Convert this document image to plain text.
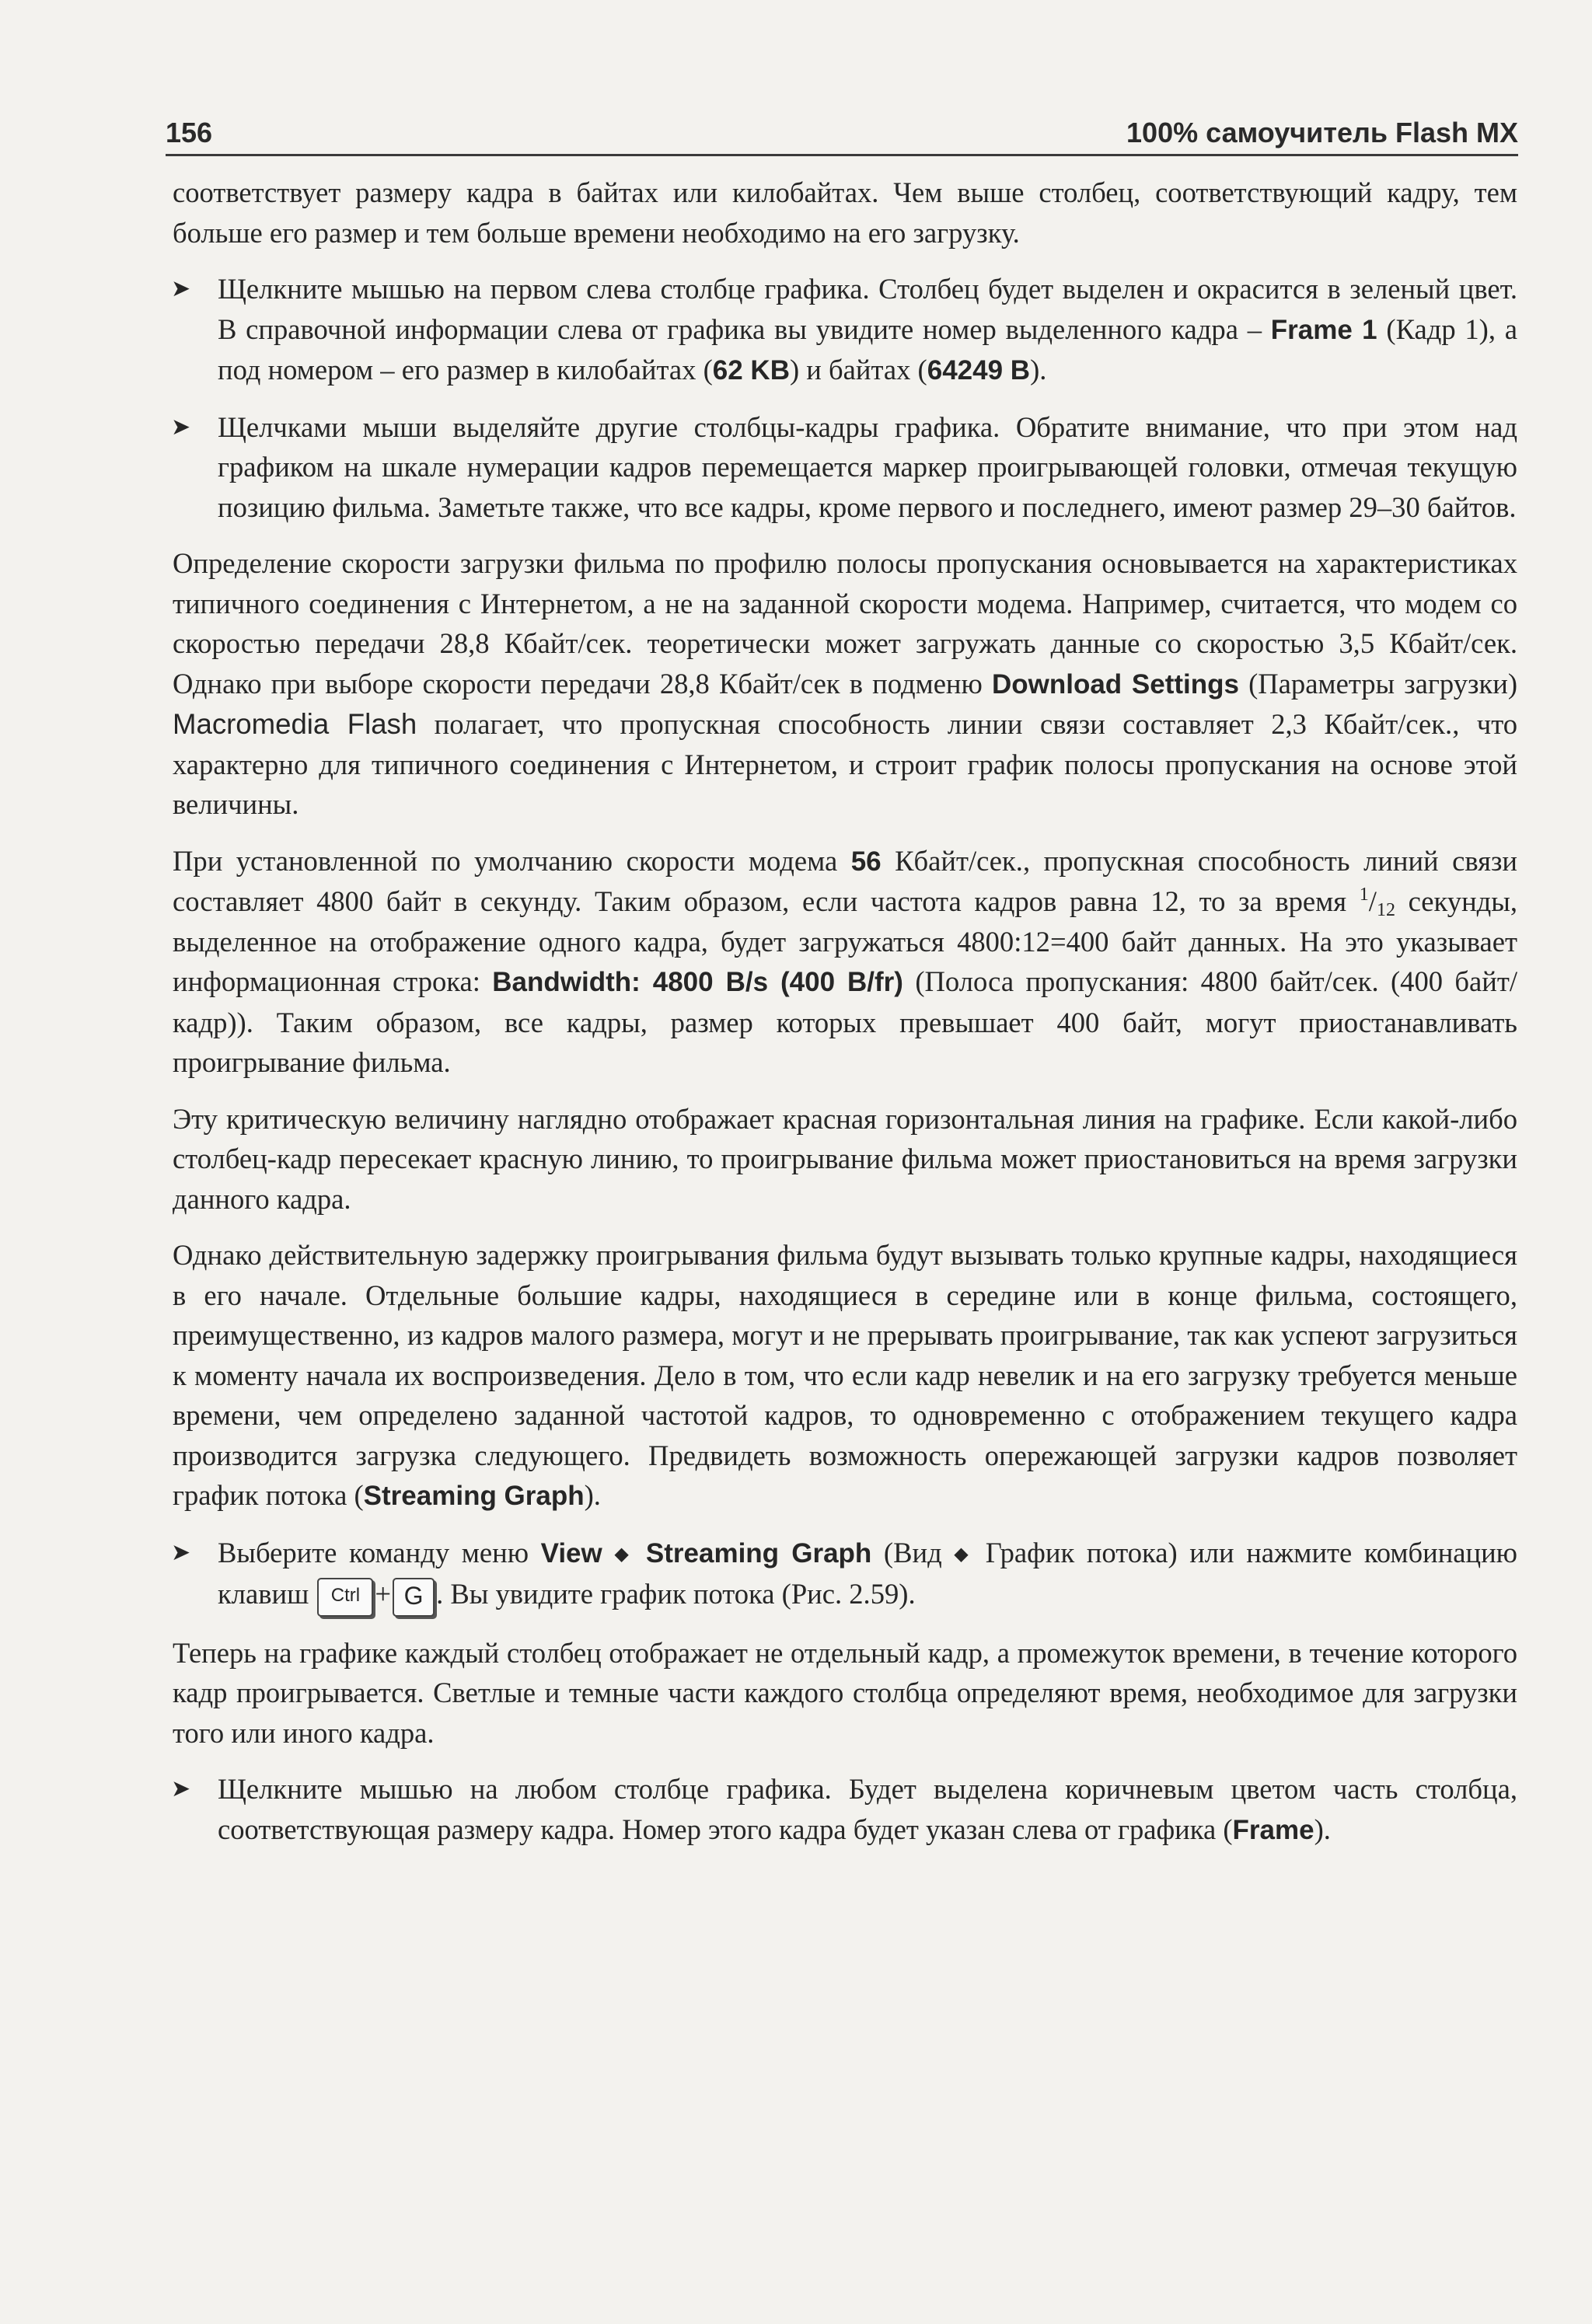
156	100% самоучитель Flash MX

соответствует размеру кадра в байтах или килобайтах. Чем выше столбец, соответствующий кадру, тем больше его размер и тем больше времени необходимо на его загрузку.

➤ Щелкните мышью на первом слева столбце графика. Столбец будет выделен и окрасится в зеленый цвет. В справочной информации слева от графика вы увидите номер выделенного кадра – Frame 1 (Кадр 1), а под номером – его размер в килобайтах (62 KB) и байтах (64249 B).
➤ Щелчками мыши выделяйте другие столбцы-кадры графика. Обратите внимание, что при этом над графиком на шкале нумерации кадров перемещается маркер проигрывающей головки, отмечая текущую позицию фильма. Заметьте также, что все кадры, кроме первого и последнего, имеют размер 29–30 байтов.

Определение скорости загрузки фильма по профилю полосы пропускания основывается на характеристиках типичного соединения с Интернетом, а не на заданной скорости модема. Например, считается, что модем со скоростью передачи 28,8 Кбайт/сек. теоретически может загружать данные со скоростью 3,5 Кбайт/сек. Однако при выборе скорости передачи 28,8 Кбайт/сек в подменю Download Settings (Параметры загрузки) Macromedia Flash полагает, что пропускная способность линии связи составляет 2,3 Кбайт/сек., что характерно для типичного соединения с Интернетом, и строит график полосы пропускания на основе этой величины.

При установленной по умолчанию скорости модема 56 Кбайт/сек., пропускная способность линий связи составляет 4800 байт в секунду. Таким образом, если частота кадров равна 12, то за время $^1/_{12}$ секунды, выделенное на отображение одного кадра, будет загружаться 4800:12=400 байт данных. На это указывает информационная строка: Bandwidth: 4800 B/s (400 B/fr) (Полоса пропускания: 4800 байт/сек. (400 байт/кадр)). Таким образом, все кадры, размер которых превышает 400 байт, могут приостанавливать проигрывание фильма.

Эту критическую величину наглядно отображает красная горизонтальная линия на графике. Если какой-либо столбец-кадр пересекает красную линию, то проигрывание фильма может приостановиться на время загрузки данного кадра.

Однако действительную задержку проигрывания фильма будут вызывать только крупные кадры, находящиеся в его начале. Отдельные большие кадры, находящиеся в середине или в конце фильма, состоящего, преимущественно, из кадров малого размера, могут и не прерывать проигрывание, так как успеют загрузиться к моменту начала их воспроизведения. Дело в том, что если кадр невелик и на его загрузку требуется меньше времени, чем определено заданной частотой кадров, то одновременно с отображением текущего кадра производится загрузка следующего. Предвидеть возможность опережающей загрузки кадров позволяет график потока (Streaming Graph).

➤ Выберите команду меню View ◆ Streaming Graph (Вид ◆ График потока) или нажмите комбинацию клавиш Ctrl + G . Вы увидите график потока (Рис. 2.59).

Теперь на графике каждый столбец отображает не отдельный кадр, а промежуток времени, в течение которого кадр проигрывается. Светлые и темные части каждого столбца определяют время, необходимое для загрузки того или иного кадра.

➤ Щелкните мышью на любом столбце графика. Будет выделена коричневым цветом часть столбца, соответствующая размеру кадра. Номер этого кадра будет указан слева от графика (Frame).
